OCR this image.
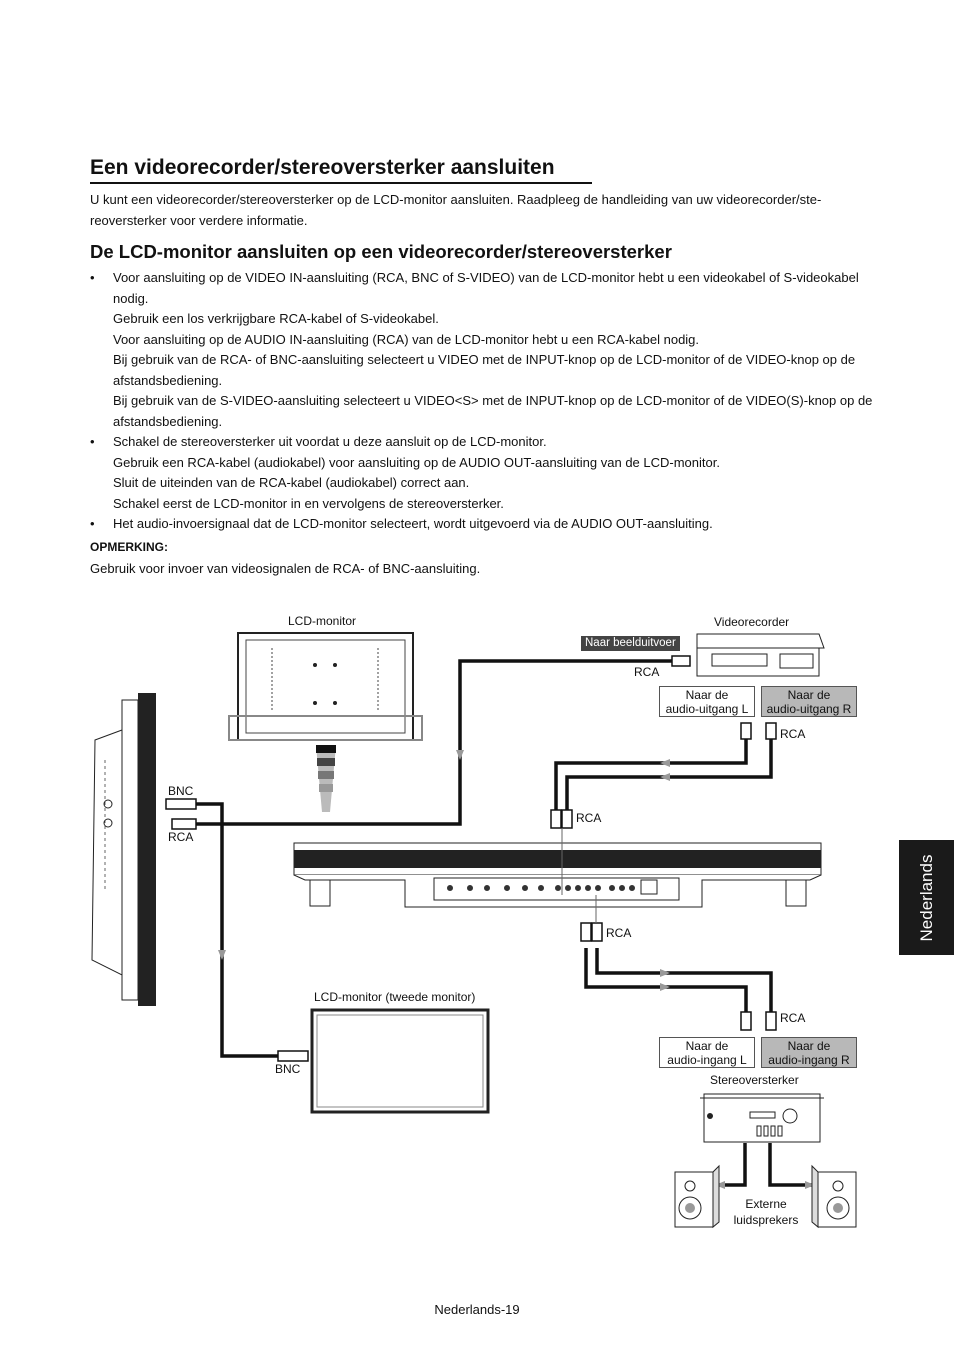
Een videorecorder/stereoversterker aansluiten

U kunt een videorecorder/stereoversterker op de LCD-monitor aansluiten. Raadpleeg de handleiding van uw videorecorder/ste-reoversterker voor verdere informatie.

De LCD-monitor aansluiten op een videorecorder/stereoversterker
• Voor aansluiting op de VIDEO IN-aansluiting (RCA, BNC of S-VIDEO) van de LCD-monitor hebt u een videokabel of S-videokabel nodig.
Gebruik een los verkrijgbare RCA-kabel of S-videokabel.
Voor aansluiting op de AUDIO IN-aansluiting (RCA) van de LCD-monitor hebt u een RCA-kabel nodig.
Bij gebruik van de RCA- of BNC-aansluiting selecteert u VIDEO met de INPUT-knop op de LCD-monitor of de VIDEO-knop op de afstandsbediening.
Bij gebruik van de S-VIDEO-aansluiting selecteert u VIDEO<S> met de INPUT-knop op de LCD-monitor of de VIDEO(S)-knop op de afstandsbediening.
• Schakel de stereoversterker uit voordat u deze aansluit op de LCD-monitor.
Gebruik een RCA-kabel (audiokabel) voor aansluiting op de AUDIO OUT-aansluiting van de LCD-monitor.
Sluit de uiteinden van de RCA-kabel (audiokabel) correct aan.
Schakel eerst de LCD-monitor in en vervolgens de stereoversterker.
• Het audio-invoersignaal dat de LCD-monitor selecteert, wordt uitgevoerd via de AUDIO OUT-aansluiting.
OPMERKING:
Gebruik voor invoer van videosignalen de RCA- of BNC-aansluiting.
LCD-monitor	Videorecorder
Naar beelduitvoer
RCA
Naar de
audio-uitgang L
Naar de
audio-uitgang R
RCA
BNC
RCA
RCA
RCA
LCD-monitor (tweede monitor)
BNC
RCA
Naar de
audio-ingang L
Naar de
audio-ingang R
Stereoversterker
Externe
luidsprekers
Nederlands
Nederlands-19
